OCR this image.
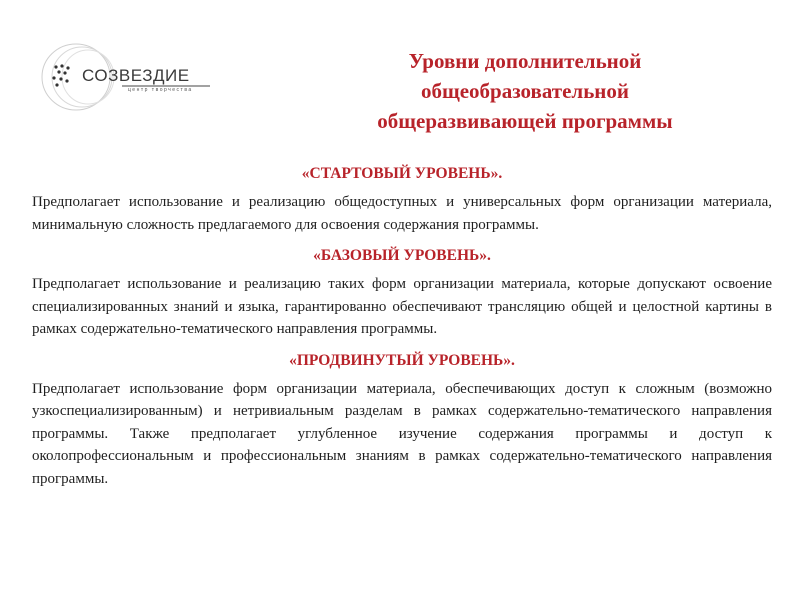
СОЗВЕЗДИЕ
центр творчества
Уровни дополнительной
общеобразовательной
общеразвивающей программы
«СТАРТОВЫЙ УРОВЕНЬ».

Предполагает использование и реализацию общедоступных и универсальных форм организации материала, минимальную сложность предлагаемого для освоения содержания программы.

«БАЗОВЫЙ УРОВЕНЬ».

Предполагает использование и реализацию таких форм организации материала, которые допускают освоение специализированных знаний и языка, гарантированно обеспечивают трансляцию общей и целостной картины в рамках содержательно-тематического направления программы.

«ПРОДВИНУТЫЙ УРОВЕНЬ».

Предполагает использование форм организации материала, обеспечивающих доступ к сложным (возможно узкоспециализированным) и нетривиальным разделам в рамках содержательно-тематического направления программы. Также предполагает углубленное изучение содержания программы и доступ к околопрофессиональным и профессиональным знаниям в рамках содержательно-тематического направления программы.
